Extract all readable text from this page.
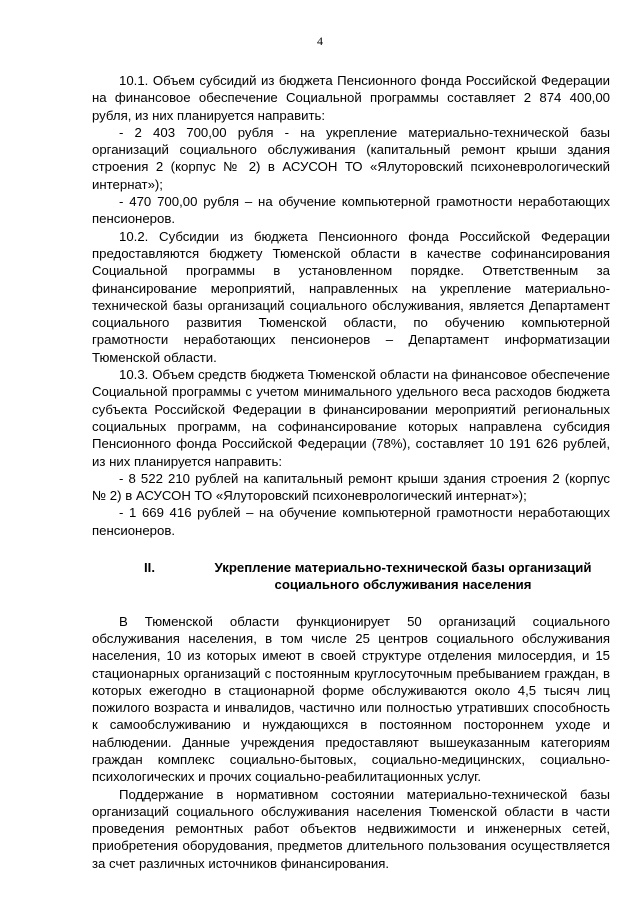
4

10.1. Объем субсидий из бюджета Пенсионного фонда Российской Федерации на финансовое обеспечение Социальной программы составляет 2 874 400,00 рубля, из них планируется направить:

- 2 403 700,00 рубля - на укрепление материально-технической базы организаций социального обслуживания (капитальный ремонт крыши здания строения 2 (корпус № 2) в АСУСОН ТО «Ялуторовский психоневрологический интернат»);

- 470 700,00 рубля – на обучение компьютерной грамотности неработающих пенсионеров.

10.2. Субсидии из бюджета Пенсионного фонда Российской Федерации предоставляются бюджету Тюменской области в качестве софинансирования Социальной программы в установленном порядке. Ответственным за финансирование мероприятий, направленных на укрепление материально-технической базы организаций социального обслуживания, является Департамент социального развития Тюменской области, по обучению компьютерной грамотности неработающих пенсионеров – Департамент информатизации Тюменской области.

10.3. Объем средств бюджета Тюменской области на финансовое обеспечение Социальной программы с учетом минимального удельного веса расходов бюджета субъекта Российской Федерации в финансировании мероприятий региональных социальных программ, на софинансирование которых направлена субсидия Пенсионного фонда Российской Федерации (78%), составляет 10 191 626 рублей, из них планируется направить:

- 8 522 210 рублей на капитальный ремонт крыши здания строения 2 (корпус № 2) в АСУСОН ТО «Ялуторовский психоневрологический интернат»);

- 1 669 416 рублей – на обучение компьютерной грамотности неработающих пенсионеров.

II.	Укрепление материально-технической базы организаций социального обслуживания населения

В Тюменской области функционирует 50 организаций социального обслуживания населения, в том числе 25 центров социального обслуживания населения, 10 из которых имеют в своей структуре отделения милосердия, и 15 стационарных организаций с постоянным круглосуточным пребыванием граждан, в которых ежегодно в стационарной форме обслуживаются около 4,5 тысяч лиц пожилого возраста и инвалидов, частично или полностью утративших способность к самообслуживанию и нуждающихся в постоянном постороннем уходе и наблюдении. Данные учреждения предоставляют вышеуказанным категориям граждан комплекс социально-бытовых, социально-медицинских, социально-психологических и прочих социально-реабилитационных услуг.

Поддержание в нормативном состоянии материально-технической базы организаций социального обслуживания населения Тюменской области в части проведения ремонтных работ объектов недвижимости и инженерных сетей, приобретения оборудования, предметов длительного пользования осуществляется за счет различных источников финансирования.
